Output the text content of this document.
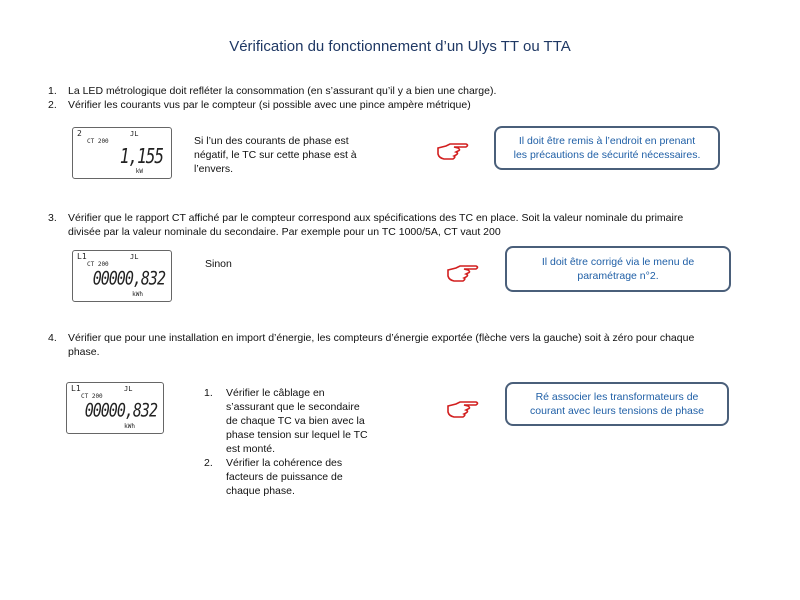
Vérification du fonctionnement d’un Ulys TT ou TTA
1. La LED métrologique doit refléter la consommation (en s’assurant qu’il y a bien une charge).
2. Vérifier les courants vus par le compteur (si possible avec une pince ampère métrique)
2
CT 200
JL
1,155
kW
Si l’un des courants de phase est
négatif, le TC sur cette phase est à
l’envers.
Il doit être remis à l’endroit en prenant
les précautions de sécurité nécessaires.
3. Vérifier que le rapport CT affiché par le compteur correspond aux spécifications des TC en place. Soit la valeur nominale du primaire
divisée par la valeur nominale du secondaire. Par exemple pour un TC 1000/5A, CT vaut 200
L1
CT 200
JL
00000,832
kWh
Sinon	Il doit être corrigé via le menu de
paramétrage n°2.
4. Vérifier que pour une installation en import d’énergie, les compteurs d’énergie exportée (flèche vers la gauche) soit à zéro pour chaque
phase.
L1
CT 200
JL
00000,832
kWh
1. Vérifier le câblage en
s’assurant que le secondaire
de chaque TC va bien avec la
phase tension sur lequel le TC
est monté.
2. Vérifier la cohérence des
facteurs de puissance de
chaque phase.
Ré associer les transformateurs de
courant avec leurs tensions de phase
